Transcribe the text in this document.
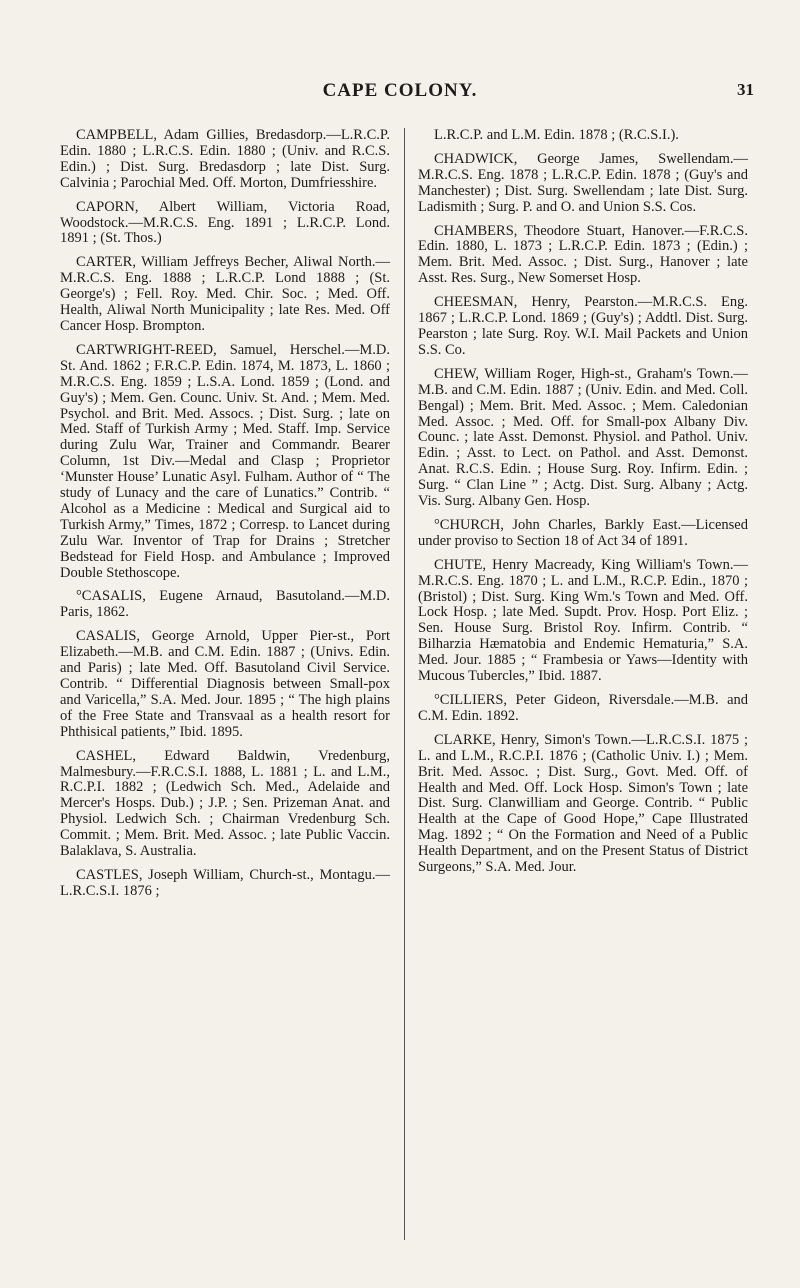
CAPE COLONY.	31

CAMPBELL, Adam Gillies, Bredasdorp.—L.R.C.P. Edin. 1880 ; L.R.C.S. Edin. 1880 ; (Univ. and R.C.S. Edin.) ; Dist. Surg. Bredasdorp ; late Dist. Surg. Calvinia ; Parochial Med. Off. Morton, Dumfriesshire.

CAPORN, Albert William, Victoria Road, Woodstock.—M.R.C.S. Eng. 1891 ; L.R.C.P. Lond. 1891 ; (St. Thos.)

CARTER, William Jeffreys Becher, Aliwal North.—M.R.C.S. Eng. 1888 ; L.R.C.P. Lond 1888 ; (St. George's) ; Fell. Roy. Med. Chir. Soc. ; Med. Off. Health, Aliwal North Municipality ; late Res. Med. Off Cancer Hosp. Brompton.

CARTWRIGHT-REED, Samuel, Herschel.—M.D. St. And. 1862 ; F.R.C.P. Edin. 1874, M. 1873, L. 1860 ; M.R.C.S. Eng. 1859 ; L.S.A. Lond. 1859 ; (Lond. and Guy's) ; Mem. Gen. Counc. Univ. St. And. ; Mem. Med. Psychol. and Brit. Med. Assocs. ; Dist. Surg. ; late on Med. Staff of Turkish Army ; Med. Staff. Imp. Service during Zulu War, Trainer and Commandr. Bearer Column, 1st Div.—Medal and Clasp ; Proprietor ‘Munster House’ Lunatic Asyl. Fulham. Author of “ The study of Lunacy and the care of Lunatics.” Contrib. “ Alcohol as a Medicine : Medical and Surgical aid to Turkish Army,” Times, 1872 ; Corresp. to Lancet during Zulu War. Inventor of Trap for Drains ; Stretcher Bedstead for Field Hosp. and Ambulance ; Improved Double Stethoscope.

°CASALIS, Eugene Arnaud, Basutoland.—M.D. Paris, 1862.

CASALIS, George Arnold, Upper Pier-st., Port Elizabeth.—M.B. and C.M. Edin. 1887 ; (Univs. Edin. and Paris) ; late Med. Off. Basutoland Civil Service. Contrib. “ Differential Diagnosis between Small-pox and Varicella,” S.A. Med. Jour. 1895 ; “ The high plains of the Free State and Transvaal as a health resort for Phthisical patients,” Ibid. 1895.

CASHEL, Edward Baldwin, Vredenburg, Malmesbury.—F.R.C.S.I. 1888, L. 1881 ; L. and L.M., R.C.P.I. 1882 ; (Ledwich Sch. Med., Adelaide and Mercer's Hosps. Dub.) ; J.P. ; Sen. Prizeman Anat. and Physiol. Ledwich Sch. ; Chairman Vredenburg Sch. Commit. ; Mem. Brit. Med. Assoc. ; late Public Vaccin. Balaklava, S. Australia.

CASTLES, Joseph William, Church-st., Montagu.—L.R.C.S.I. 1876 ;

L.R.C.P. and L.M. Edin. 1878 ; (R.C.S.I.).

CHADWICK, George James, Swellendam.—M.R.C.S. Eng. 1878 ; L.R.C.P. Edin. 1878 ; (Guy's and Manchester) ; Dist. Surg. Swellendam ; late Dist. Surg. Ladismith ; Surg. P. and O. and Union S.S. Cos.

CHAMBERS, Theodore Stuart, Hanover.—F.R.C.S. Edin. 1880, L. 1873 ; L.R.C.P. Edin. 1873 ; (Edin.) ; Mem. Brit. Med. Assoc. ; Dist. Surg., Hanover ; late Asst. Res. Surg., New Somerset Hosp.

CHEESMAN, Henry, Pearston.—M.R.C.S. Eng. 1867 ; L.R.C.P. Lond. 1869 ; (Guy's) ; Addtl. Dist. Surg. Pearston ; late Surg. Roy. W.I. Mail Packets and Union S.S. Co.

CHEW, William Roger, High-st., Graham's Town.—M.B. and C.M. Edin. 1887 ; (Univ. Edin. and Med. Coll. Bengal) ; Mem. Brit. Med. Assoc. ; Mem. Caledonian Med. Assoc. ; Med. Off. for Small-pox Albany Div. Counc. ; late Asst. Demonst. Physiol. and Pathol. Univ. Edin. ; Asst. to Lect. on Pathol. and Asst. Demonst. Anat. R.C.S. Edin. ; House Surg. Roy. Infirm. Edin. ; Surg. “ Clan Line ” ; Actg. Dist. Surg. Albany ; Actg. Vis. Surg. Albany Gen. Hosp.

°CHURCH, John Charles, Barkly East.—Licensed under proviso to Section 18 of Act 34 of 1891.

CHUTE, Henry Macready, King William's Town.—M.R.C.S. Eng. 1870 ; L. and L.M., R.C.P. Edin., 1870 ; (Bristol) ; Dist. Surg. King Wm.'s Town and Med. Off. Lock Hosp. ; late Med. Supdt. Prov. Hosp. Port Eliz. ; Sen. House Surg. Bristol Roy. Infirm. Contrib. “ Bilharzia Hæmatobia and Endemic Hematuria,” S.A. Med. Jour. 1885 ; “ Frambesia or Yaws—Identity with Mucous Tubercles,” Ibid. 1887.

°CILLIERS, Peter Gideon, Riversdale.—M.B. and C.M. Edin. 1892.

CLARKE, Henry, Simon's Town.—L.R.C.S.I. 1875 ; L. and L.M., R.C.P.I. 1876 ; (Catholic Univ. I.) ; Mem. Brit. Med. Assoc. ; Dist. Surg., Govt. Med. Off. of Health and Med. Off. Lock Hosp. Simon's Town ; late Dist. Surg. Clanwilliam and George. Contrib. “ Public Health at the Cape of Good Hope,” Cape Illustrated Mag. 1892 ; “ On the Formation and Need of a Public Health Department, and on the Present Status of District Surgeons,” S.A. Med. Jour.
